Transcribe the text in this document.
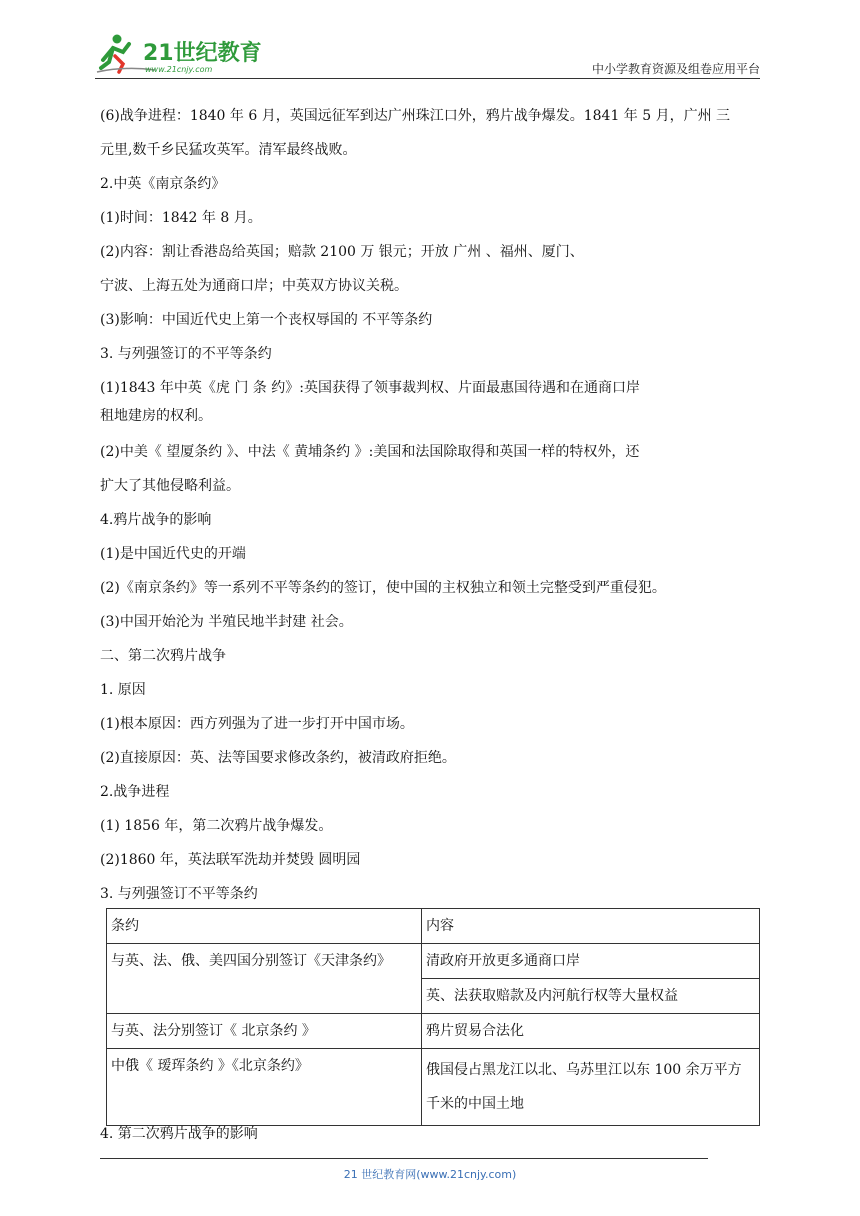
21世纪教育
www.21cnjy.com	中小学教育资源及组卷应用平台
(6)战争进程：1840 年 6 月，英国远征军到达广州珠江口外，鸦片战争爆发。1841 年 5 月，广州 三
元里,数千乡民猛攻英军。清军最终战败。
2.中英《南京条约》
(1)时间：1842 年 8 月。
(2)内容：割让香港岛给英国；赔款 2100 万 银元；开放 广州 、福州、厦门、
宁波、上海五处为通商口岸；中英双方协议关税。
(3)影响：中国近代史上第一个丧权辱国的 不平等条约
3. 与列强签订的不平等条约
(1)1843 年中英《虎 门 条 约》:英国获得了领事裁判权、片面最惠国待遇和在通商口岸
租地建房的权利。
(2)中美《 望厦条约 》、中法《 黄埔条约 》:美国和法国除取得和英国一样的特权外，还
扩大了其他侵略利益。
4.鸦片战争的影响
(1)是中国近代史的开端
(2)《南京条约》等一系列不平等条约的签订，使中国的主权独立和领土完整受到严重侵犯。
(3)中国开始沦为 半殖民地半封建 社会。
二、第二次鸦片战争
1. 原因
(1)根本原因：西方列强为了进一步打开中国市场。
(2)直接原因：英、法等国要求修改条约，被清政府拒绝。
2.战争进程
(1) 1856 年，第二次鸦片战争爆发。
(2)1860 年，英法联军洗劫并焚毁 圆明园
3. 与列强签订不平等条约
条约	内容
与英、法、俄、美四国分别签订《天津条约》	清政府开放更多通商口岸
	英、法获取赔款及内河航行权等大量权益
与英、法分别签订《 北京条约 》	鸦片贸易合法化
中俄《 瑷珲条约 》《北京条约》	俄国侵占黑龙江以北、乌苏里江以东 100 余万平方千米的中国土地
4. 第二次鸦片战争的影响
21 世纪教育网(www.21cnjy.com)
